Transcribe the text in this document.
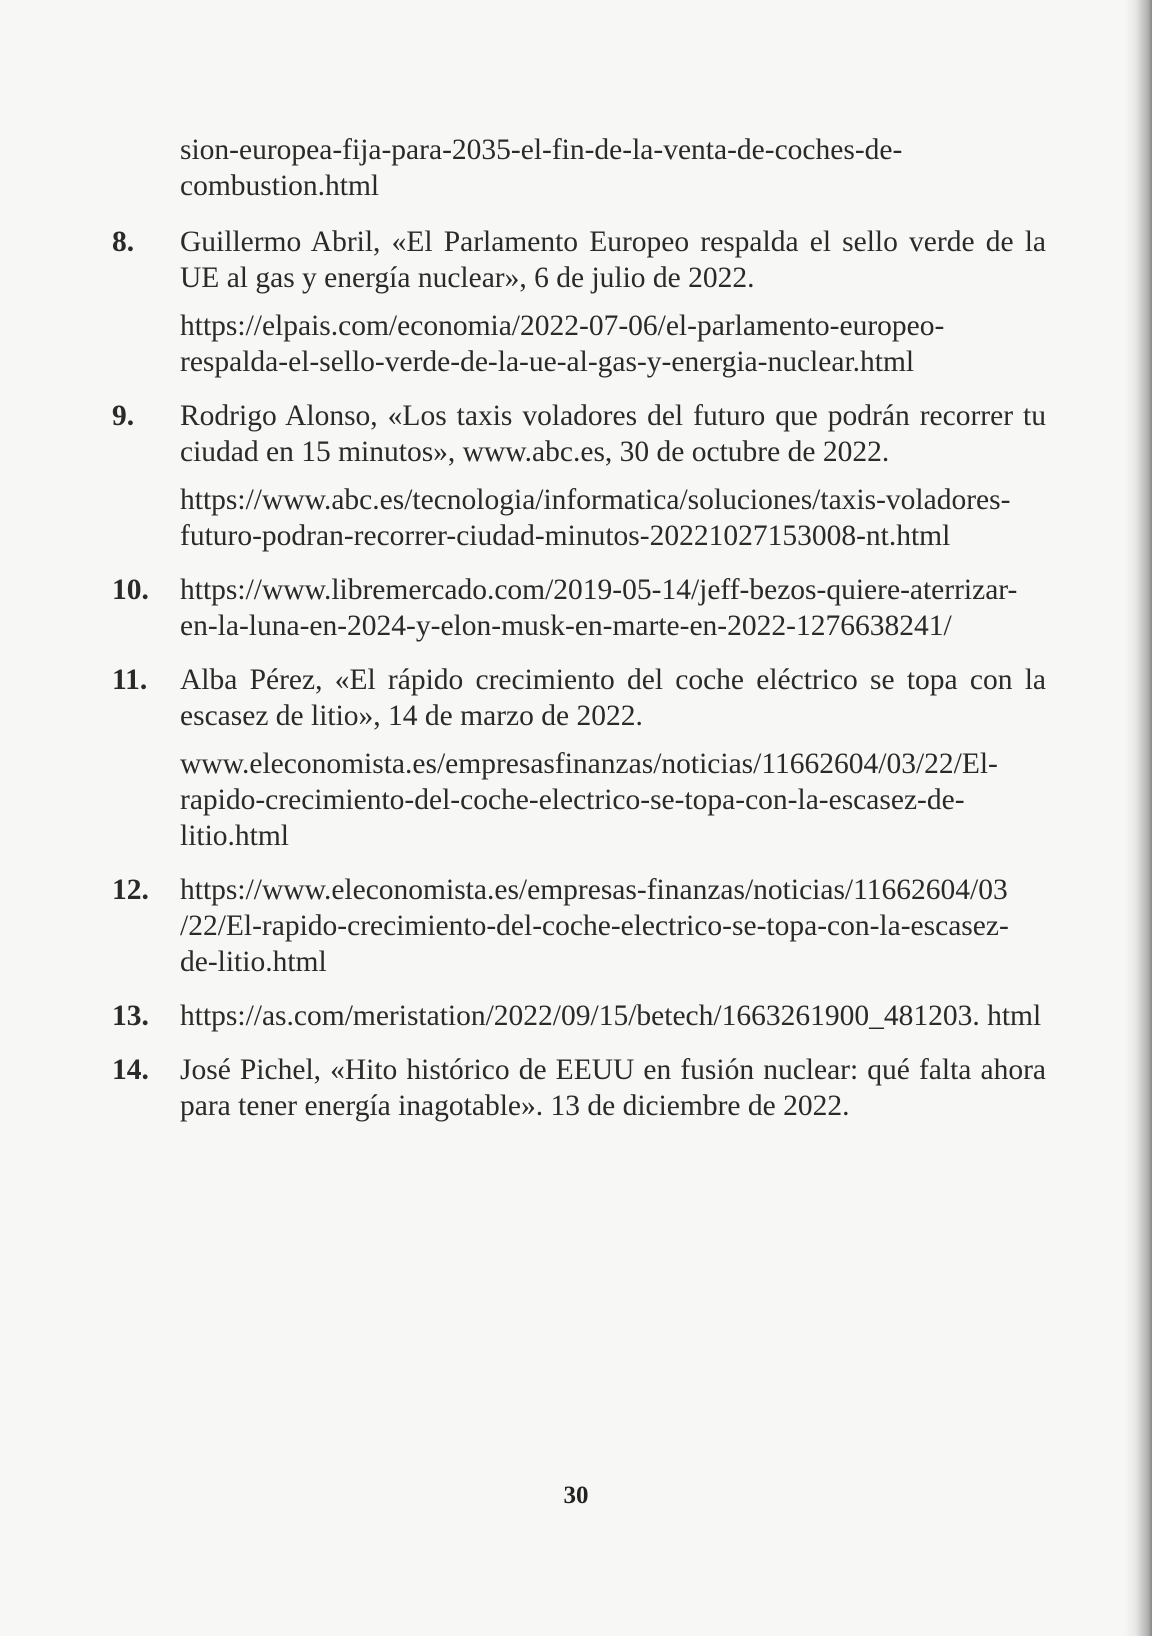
sion-europea-fija-para-2035-el-fin-de-la-venta-de-coches-de-combustion.html

8.	Guillermo Abril, «El Parlamento Europeo respalda el sello verde de la UE al gas y energía nuclear», 6 de julio de 2022.

https://elpais.com/economia/2022-07-06/el-parlamento-europeo-respalda-el-sello-verde-de-la-ue-al-gas-y-energia-nuclear.html

9.	Rodrigo Alonso, «Los taxis voladores del futuro que podrán recorrer tu ciudad en 15 minutos», www.abc.es, 30 de octubre de 2022.

https://www.abc.es/tecnologia/informatica/soluciones/taxis-voladores-futuro-podran-recorrer-ciudad-minutos-20221027153008-nt.html

10.	https://www.libremercado.com/2019-05-14/jeff-bezos-quiere-aterrizar-en-la-luna-en-2024-y-elon-musk-en-marte-en-2022-1276638241/

11.	Alba Pérez, «El rápido crecimiento del coche eléctrico se topa con la escasez de litio», 14 de marzo de 2022.

www.eleconomista.es/empresasfinanzas/noticias/11662604/03/22/El-rapido-crecimiento-del-coche-electrico-se-topa-con-la-escasez-de-litio.html

12.	https://www.eleconomista.es/empresas-finanzas/noticias/11662604/03 /22/El-rapido-crecimiento-del-coche-electrico-se-topa-con-la-escasez-de-litio.html

13.	https://as.com/meristation/2022/09/15/betech/1663261900_481203. html

14.	José Pichel, «Hito histórico de EEUU en fusión nuclear: qué falta ahora para tener energía inagotable». 13 de diciembre de 2022.

30
